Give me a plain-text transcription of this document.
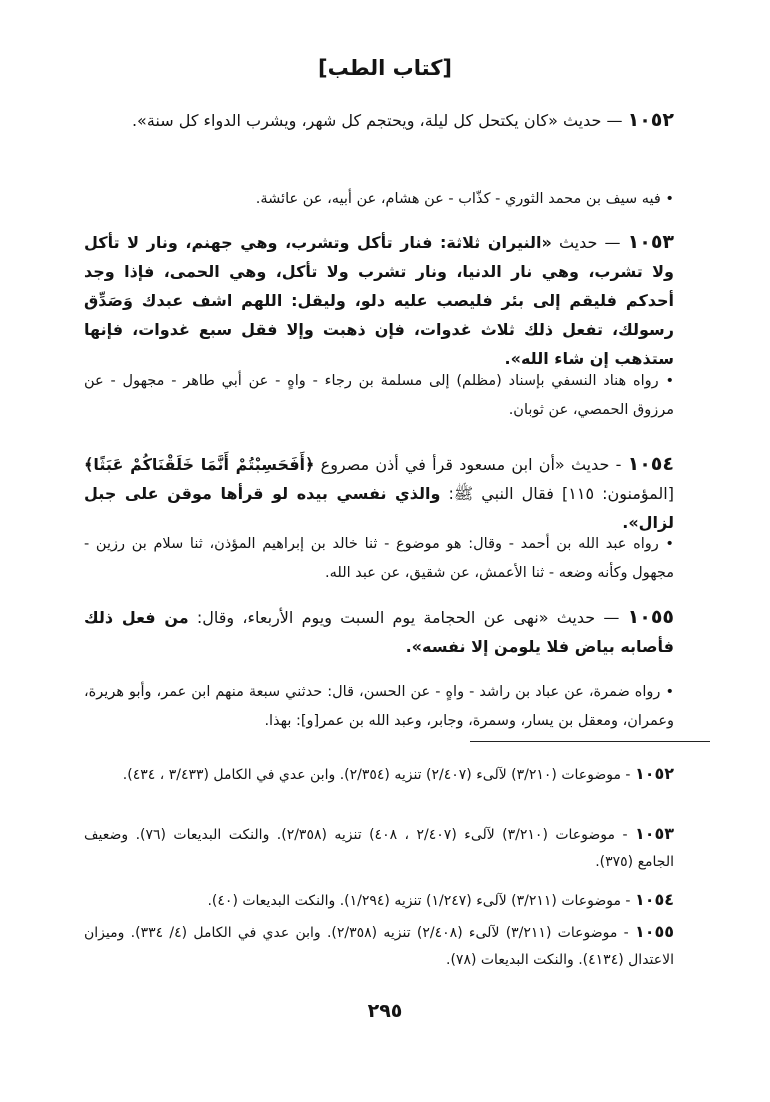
[كتاب الطب]
١٠٥٢ — حديث «كان يكتحل كل ليلة، ويحتجم كل شهر، ويشرب الدواء كل سنة».
• فيه سيف بن محمد الثوري - كذّاب - عن هشام، عن أبيه، عن عائشة.
١٠٥٣ — حديث «النيران ثلاثة: فنار تأكل وتشرب، وهي جهنم، ونار لا تأكل ولا تشرب، وهي نار الدنيا، ونار تشرب ولا تأكل، وهي الحمى، فإذا وجد أحدكم فليقم إلى بئر فليصب عليه دلو، وليقل: اللهم اشف عبدك وَصَدِّق رسولك، تفعل ذلك ثلاث غدوات، فإن ذهبت وإلا فقل سبع غدوات، فإنها ستذهب إن شاء الله».
• رواه هناد النسفي بإسناد (مظلم) إلى مسلمة بن رجاء - واهٍ - عن أبي طاهر - مجهول - عن مرزوق الحمصي، عن ثوبان.
١٠٥٤ - حديث «أن ابن مسعود قرأ في أذن مصروع ﴿أَفَحَسِبْتُمْ أَنَّمَا خَلَقْنَاكُمْ عَبَثًا﴾ [المؤمنون: ١١٥] فقال النبي ﷺ: والذي نفسي بيده لو قرأها موقن على جبل لزال».
• رواه عبد الله بن أحمد - وقال: هو موضوع - ثنا خالد بن إبراهيم المؤذن، ثنا سلام بن رزين - مجهول وكأنه وضعه - ثنا الأعمش، عن شقيق، عن عبد الله.
١٠٥٥ — حديث «نهى عن الحجامة يوم السبت ويوم الأربعاء، وقال: من فعل ذلك فأصابه بياض فلا يلومن إلا نفسه».
• رواه ضمرة، عن عباد بن راشد - واهٍ - عن الحسن، قال: حدثني سبعة منهم ابن عمر، وأبو هريرة، وعمران، ومعقل بن يسار، وسمرة، وجابر، وعبد الله بن عمر[و]: بهذا.
١٠٥٢ - موضوعات (٣/٢١٠) لآلىء (٢/٤٠٧) تنزيه (٢/٣٥٤). وابن عدي في الكامل (٣/٤٣٣ ، ٤٣٤).
١٠٥٣ - موضوعات (٣/٢١٠) لآلىء (٢/٤٠٧ ، ٤٠٨) تنزيه (٢/٣٥٨). والنكت البديعات (٧٦). وضعيف الجامع (٣٧٥).
١٠٥٤ - موضوعات (٣/٢١١) لآلىء (١/٢٤٧) تنزيه (١/٢٩٤). والنكت البديعات (٤٠).
١٠٥٥ - موضوعات (٣/٢١١) لآلىء (٢/٤٠٨) تنزيه (٢/٣٥٨). وابن عدي في الكامل (٤/ ٣٣٤). وميزان الاعتدال (٤١٣٤). والنكت البديعات (٧٨).
٢٩٥
